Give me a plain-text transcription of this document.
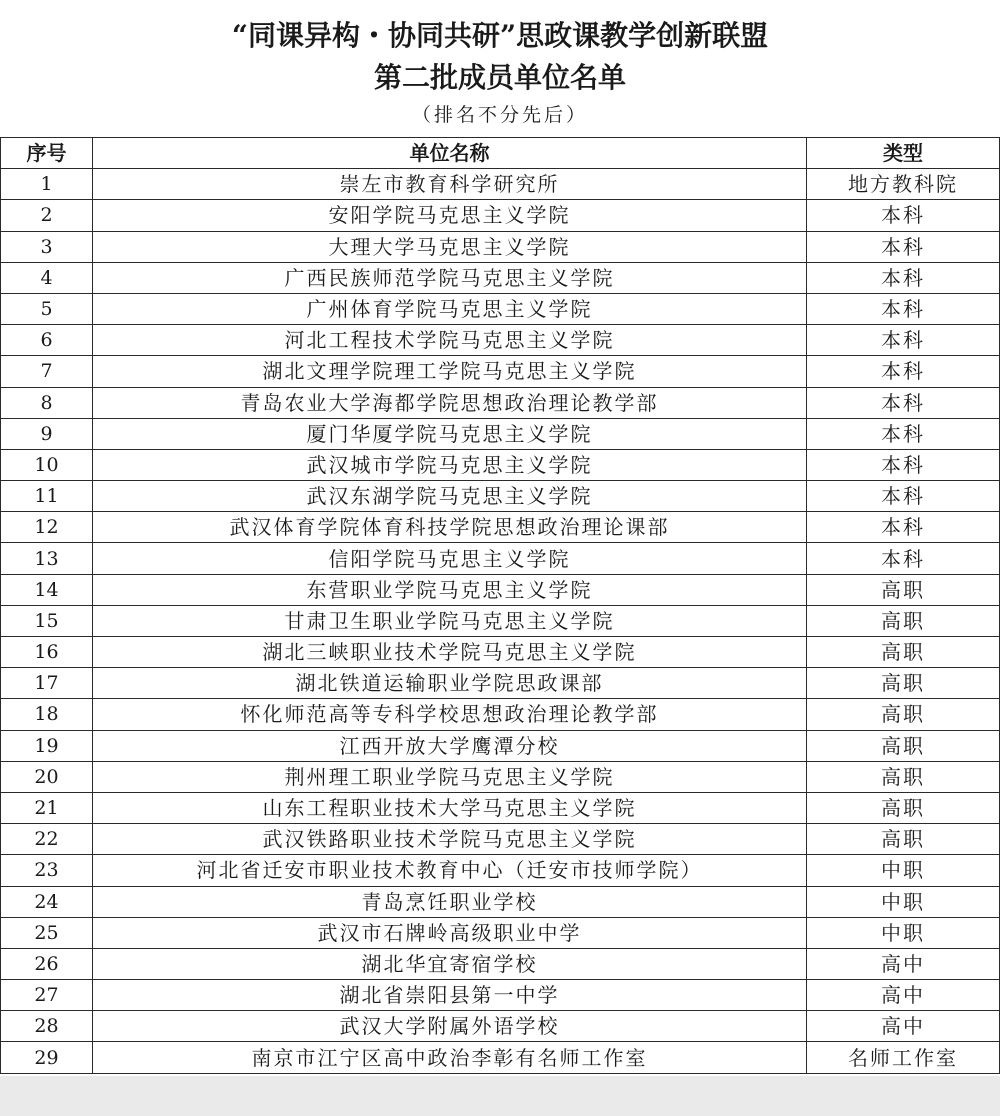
“同课异构・协同共研”思政课教学创新联盟
第二批成员单位名单
（排名不分先后）
序号	单位名称	类型
1	崇左市教育科学研究所	地方教科院
2	安阳学院马克思主义学院	本科
3	大理大学马克思主义学院	本科
4	广西民族师范学院马克思主义学院	本科
5	广州体育学院马克思主义学院	本科
6	河北工程技术学院马克思主义学院	本科
7	湖北文理学院理工学院马克思主义学院	本科
8	青岛农业大学海都学院思想政治理论教学部	本科
9	厦门华厦学院马克思主义学院	本科
10	武汉城市学院马克思主义学院	本科
11	武汉东湖学院马克思主义学院	本科
12	武汉体育学院体育科技学院思想政治理论课部	本科
13	信阳学院马克思主义学院	本科
14	东营职业学院马克思主义学院	高职
15	甘肃卫生职业学院马克思主义学院	高职
16	湖北三峡职业技术学院马克思主义学院	高职
17	湖北铁道运输职业学院思政课部	高职
18	怀化师范高等专科学校思想政治理论教学部	高职
19	江西开放大学鹰潭分校	高职
20	荆州理工职业学院马克思主义学院	高职
21	山东工程职业技术大学马克思主义学院	高职
22	武汉铁路职业技术学院马克思主义学院	高职
23	河北省迁安市职业技术教育中心（迁安市技师学院）	中职
24	青岛烹饪职业学校	中职
25	武汉市石牌岭高级职业中学	中职
26	湖北华宜寄宿学校	高中
27	湖北省崇阳县第一中学	高中
28	武汉大学附属外语学校	高中
29	南京市江宁区高中政治李彰有名师工作室	名师工作室
